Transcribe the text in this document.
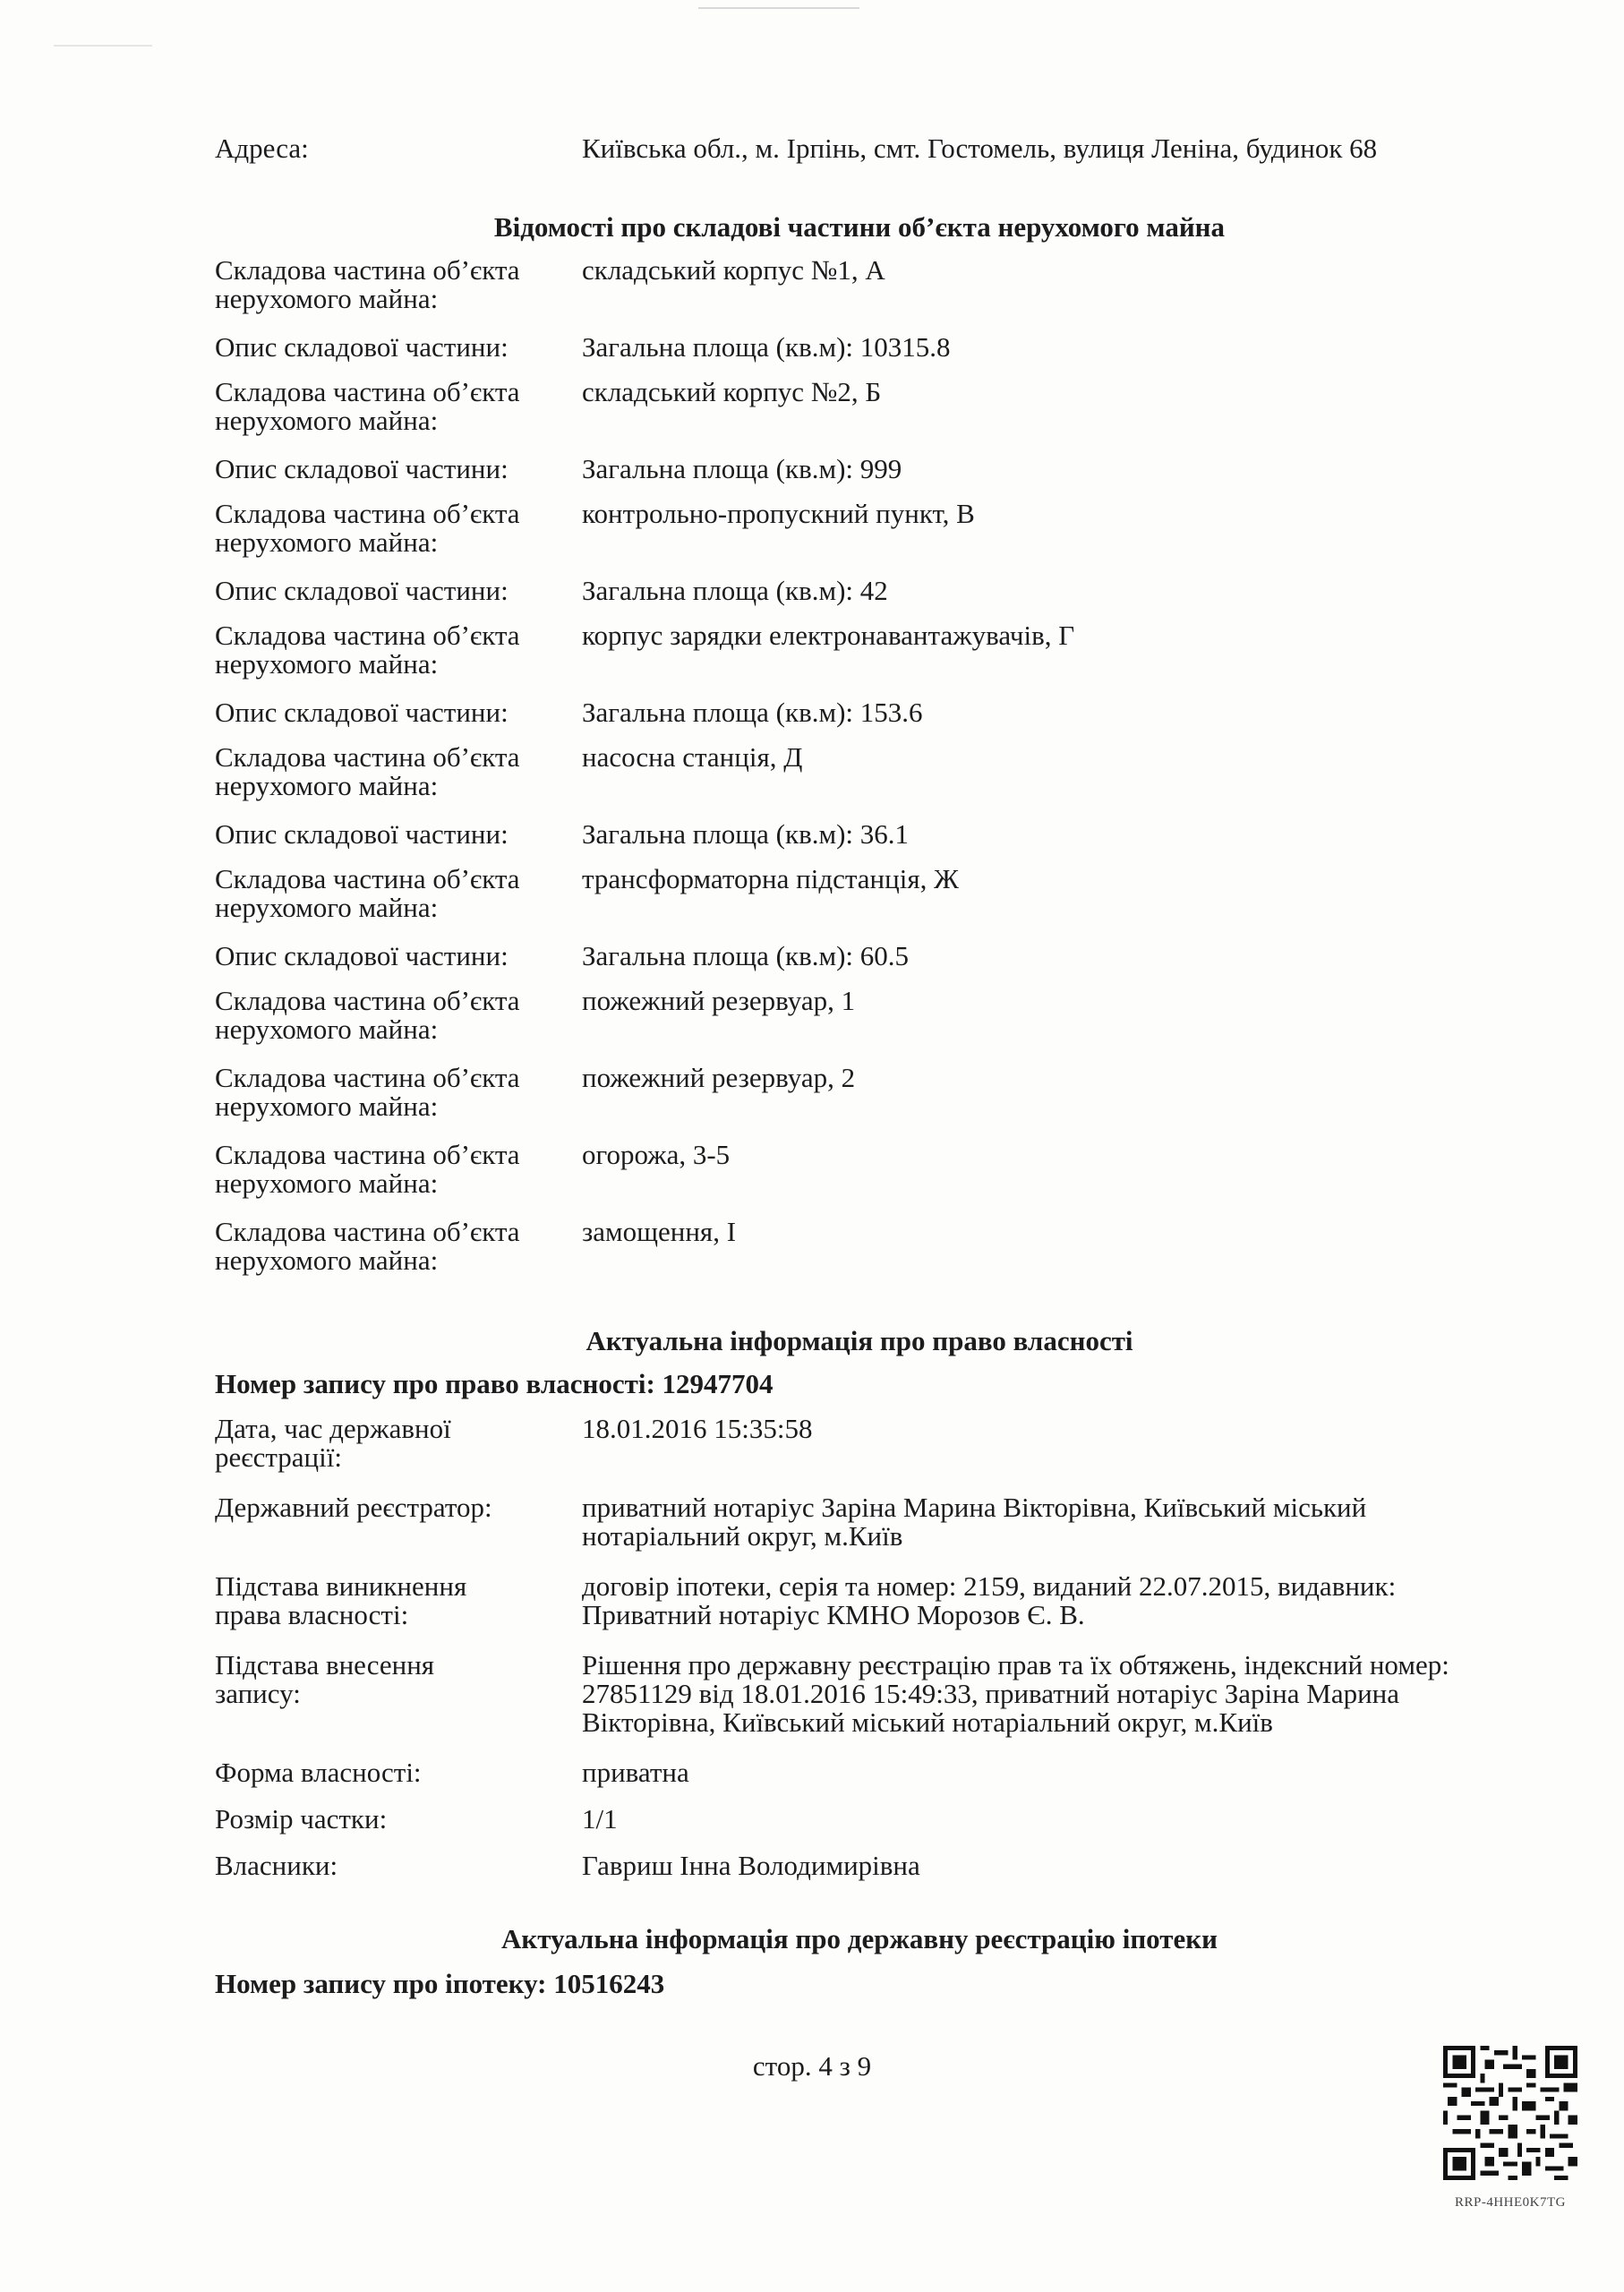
Адреса:	Київська обл., м. Ірпінь, смт. Гостомель, вулиця Леніна, будинок 68
Відомості про складові частини об’єкта нерухомого майна
Складова частина об’єкта нерухомого майна:
складський корпус №1, А
Опис складової частини:	Загальна площа (кв.м): 10315.8
Складова частина об’єкта нерухомого майна:
складський корпус №2, Б
Опис складової частини:	Загальна площа (кв.м): 999
Складова частина об’єкта нерухомого майна:
контрольно-пропускний пункт, В
Опис складової частини:	Загальна площа (кв.м): 42
Складова частина об’єкта нерухомого майна:
корпус зарядки електронавантажувачів, Г
Опис складової частини:	Загальна площа (кв.м): 153.6
Складова частина об’єкта нерухомого майна:
насосна станція, Д
Опис складової частини:	Загальна площа (кв.м): 36.1
Складова частина об’єкта нерухомого майна:
трансформаторна підстанція, Ж
Опис складової частини:	Загальна площа (кв.м): 60.5
Складова частина об’єкта нерухомого майна:
пожежний резервуар, 1
Складова частина об’єкта нерухомого майна:
пожежний резервуар, 2
Складова частина об’єкта нерухомого майна:
огорожа, 3-5
Складова частина об’єкта нерухомого майна:
замощення, І
Актуальна інформація про право власності
Номер запису про право власності: 12947704
Дата, час державної реєстрації:
18.01.2016 15:35:58
Державний реєстратор:	приватний нотаріус Заріна Марина Вікторівна, Київський міський нотаріальний округ, м.Київ
Підстава виникнення права власності:
договір іпотеки, серія та номер: 2159, виданий 22.07.2015, видавник: Приватний нотаріус КМНО Морозов Є. В.
Підстава внесення запису:
Рішення про державну реєстрацію прав та їх обтяжень, індексний номер: 27851129 від 18.01.2016 15:49:33, приватний нотаріус Заріна Марина Вікторівна, Київський міський нотаріальний округ, м.Київ
Форма власності:	приватна
Розмір частки:	1/1
Власники:	Гавриш Інна Володимирівна
Актуальна інформація про державну реєстрацію іпотеки
Номер запису про іпотеку: 10516243
стор. 4 з 9
RRP-4HHE0K7TG
